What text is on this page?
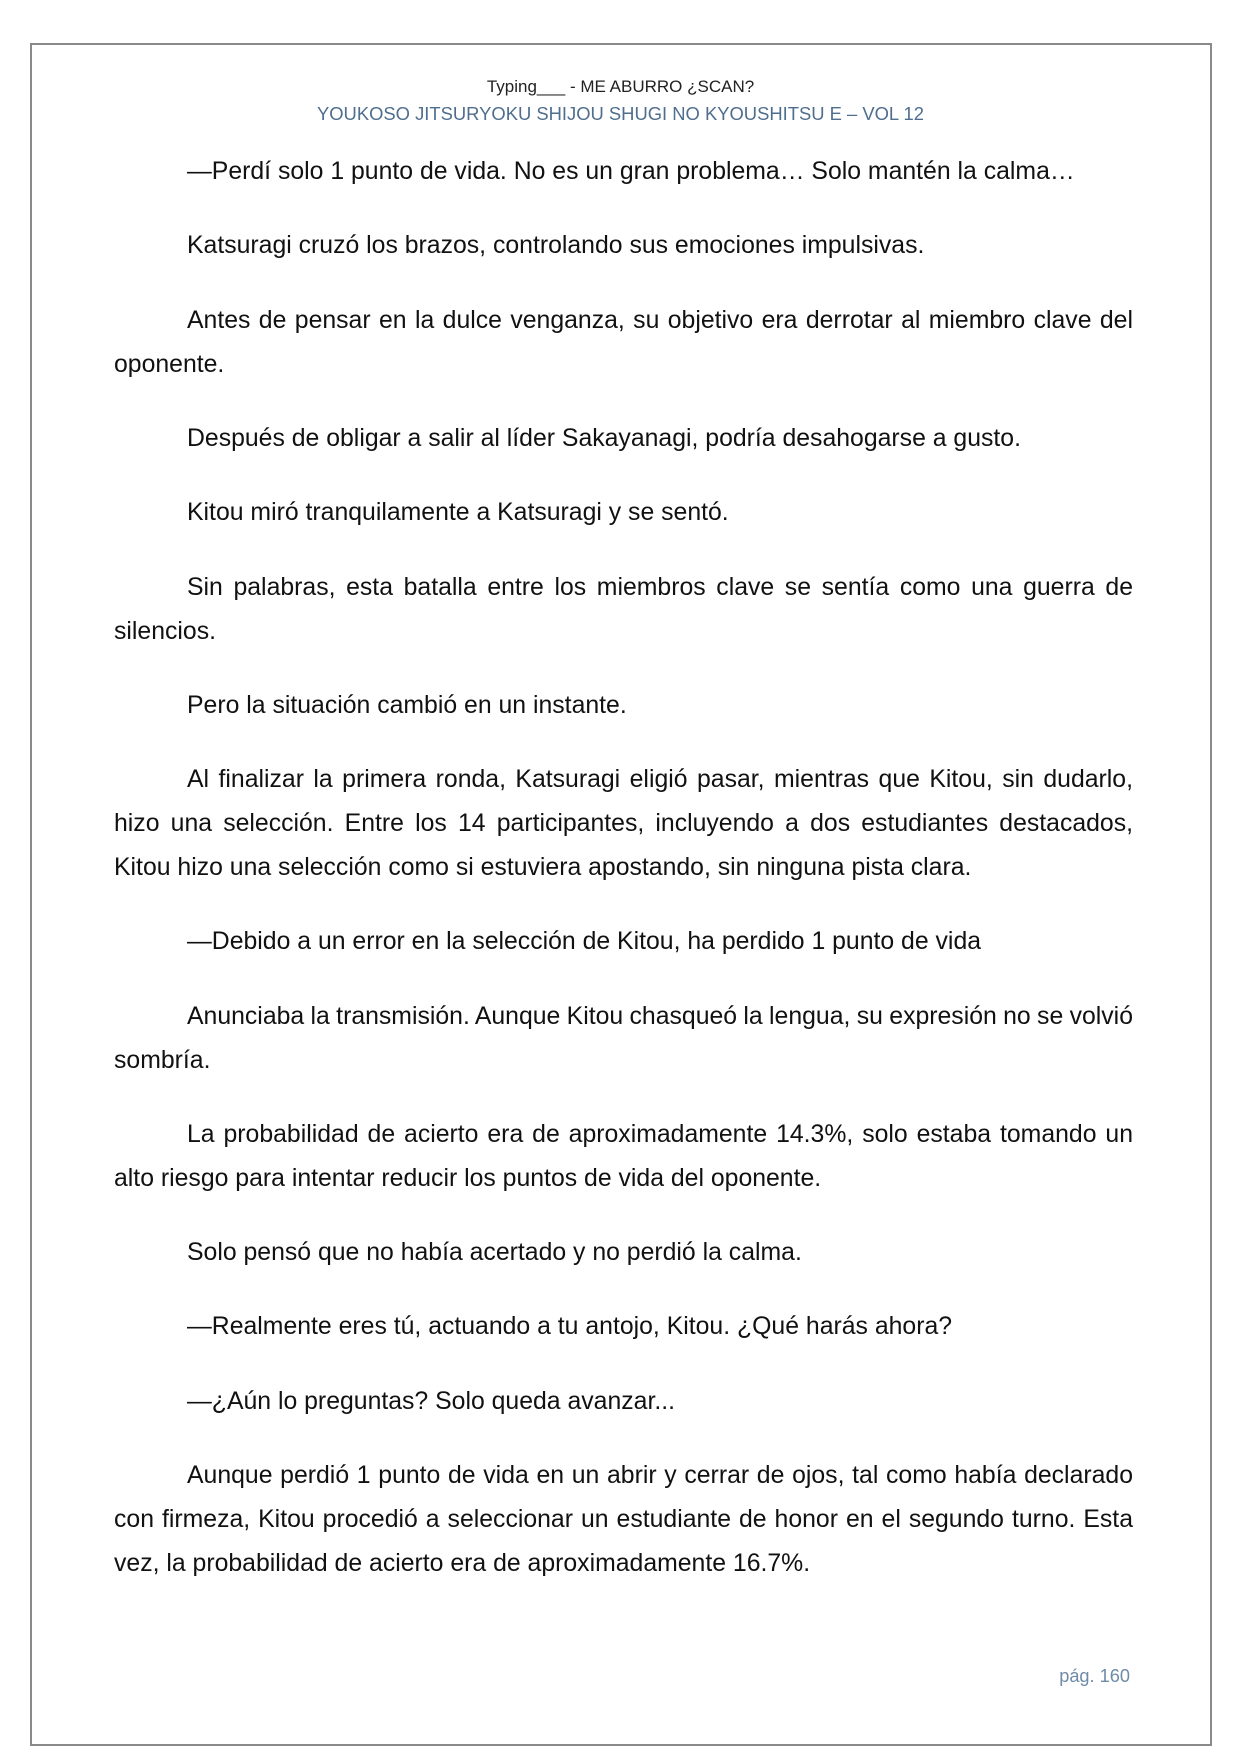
Typing___ - ME ABURRO ¿SCAN?
YOUKOSO JITSURYOKU SHIJOU SHUGI NO KYOUSHITSU E – VOL 12
—Perdí solo 1 punto de vida. No es un gran problema… Solo mantén la calma…
Katsuragi cruzó los brazos, controlando sus emociones impulsivas.
Antes de pensar en la dulce venganza, su objetivo era derrotar al miembro clave del
oponente.
Después de obligar a salir al líder Sakayanagi, podría desahogarse a gusto.
Kitou miró tranquilamente a Katsuragi y se sentó.
Sin palabras, esta batalla entre los miembros clave se sentía como una guerra de
silencios.
Pero la situación cambió en un instante.
Al finalizar la primera ronda, Katsuragi eligió pasar, mientras que Kitou, sin dudarlo,
hizo una selección. Entre los 14 participantes, incluyendo a dos estudiantes destacados,
Kitou hizo una selección como si estuviera apostando, sin ninguna pista clara.
—Debido a un error en la selección de Kitou, ha perdido 1 punto de vida
Anunciaba la transmisión. Aunque Kitou chasqueó la lengua, su expresión no se volvió
sombría.
La probabilidad de acierto era de aproximadamente 14.3%, solo estaba tomando un
alto riesgo para intentar reducir los puntos de vida del oponente.
Solo pensó que no había acertado y no perdió la calma.
—Realmente eres tú, actuando a tu antojo, Kitou. ¿Qué harás ahora?
—¿Aún lo preguntas? Solo queda avanzar...
Aunque perdió 1 punto de vida en un abrir y cerrar de ojos, tal como había declarado
con firmeza, Kitou procedió a seleccionar un estudiante de honor en el segundo turno. Esta
vez, la probabilidad de acierto era de aproximadamente 16.7%.
pág. 160
